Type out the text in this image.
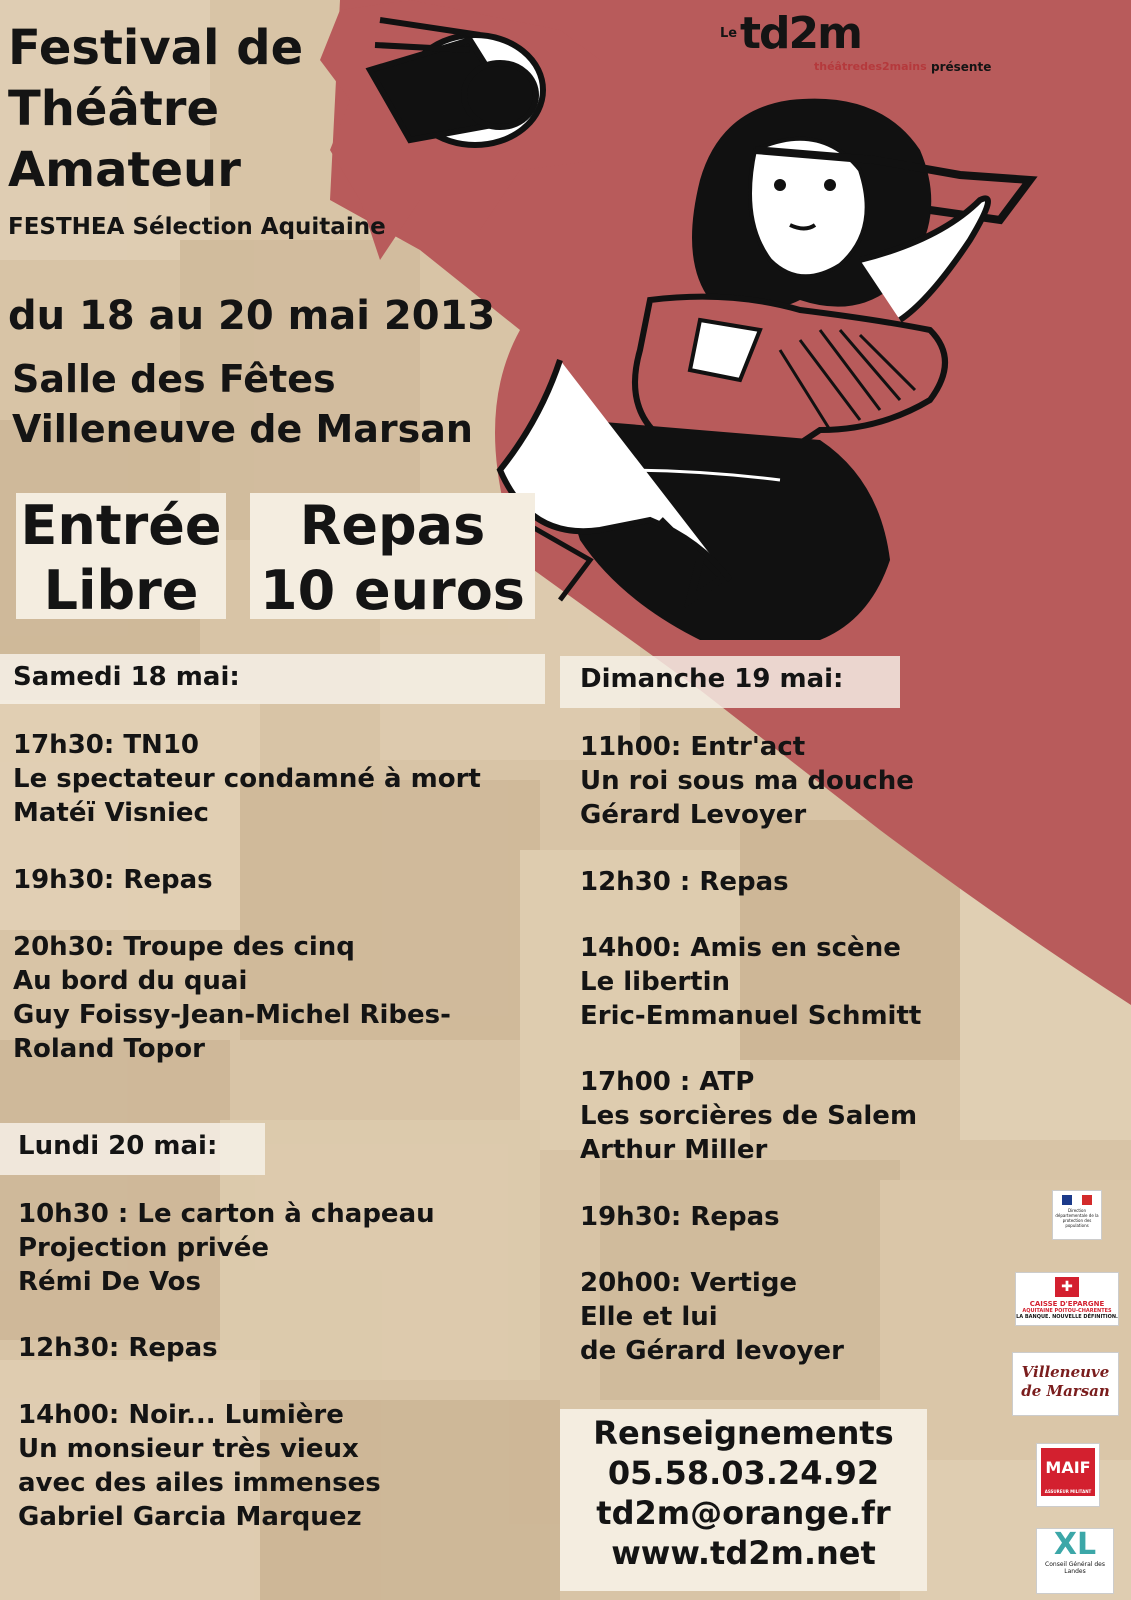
Festival de
Théâtre
Amateur
FESTHEA Sélection Aquitaine
du 18 au 20 mai 2013
Salle des Fêtes
Villeneuve de Marsan
Le td2m
théâtredes2mains présente
Entrée
Libre
Repas
10 euros
Samedi 18 mai:	Dimanche 19 mai:
Lundi 20 mai:
17h30: TN10
Le spectateur condamné à mort
Matéï Visniec
19h30: Repas
20h30: Troupe des cinq
Au bord du quai
Guy Foissy-Jean-Michel Ribes-
Roland Topor
11h00: Entr'act
Un roi sous ma douche
Gérard Levoyer
12h30 : Repas
14h00: Amis en scène
Le libertin
Eric-Emmanuel Schmitt
17h00 : ATP
Les sorcières de Salem
Arthur Miller
19h30: Repas
20h00: Vertige
Elle et lui
de Gérard levoyer
10h30 : Le carton à chapeau
Projection privée
Rémi De Vos
12h30: Repas
14h00: Noir... Lumière
Un monsieur très vieux
avec des ailes immenses
Gabriel Garcia Marquez
Renseignements
05.58.03.24.92
td2m@orange.fr
www.td2m.net
Direction départementale de la protection des populations
✚
CAISSE D'EPARGNE
AQUITAINE POITOU-CHARENTES
LA BANQUE. NOUVELLE DÉFINITION.
Villeneuve de Marsan
MAIF
ASSUREUR MILITANT
XL
Conseil Général des Landes
